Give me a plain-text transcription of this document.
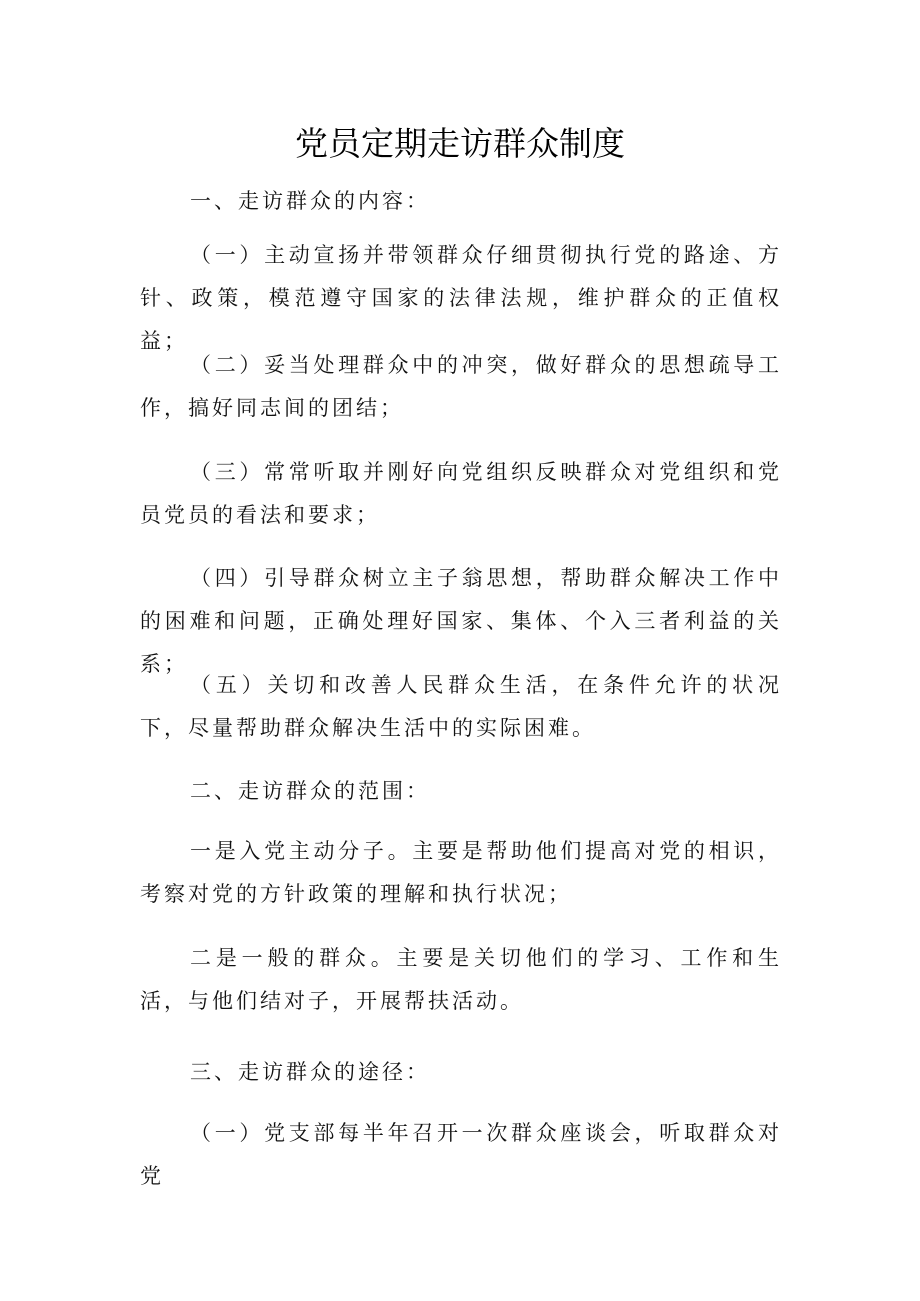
党员定期走访群众制度

一、走访群众的内容：

（一）主动宣扬并带领群众仔细贯彻执行党的路途、方针、政策，模范遵守国家的法律法规，维护群众的正值权益；

（二）妥当处理群众中的冲突，做好群众的思想疏导工作，搞好同志间的团结；

（三）常常听取并刚好向党组织反映群众对党组织和党员党员的看法和要求；

（四）引导群众树立主子翁思想，帮助群众解决工作中的困难和问题，正确处理好国家、集体、个入三者利益的关系；

（五）关切和改善人民群众生活，在条件允许的状况下，尽量帮助群众解决生活中的实际困难。

二、走访群众的范围：

一是入党主动分子。主要是帮助他们提高对党的相识，考察对党的方针政策的理解和执行状况；

二是一般的群众。主要是关切他们的学习、工作和生活，与他们结对子，开展帮扶活动。

三、走访群众的途径：

（一）党支部每半年召开一次群众座谈会，听取群众对党
